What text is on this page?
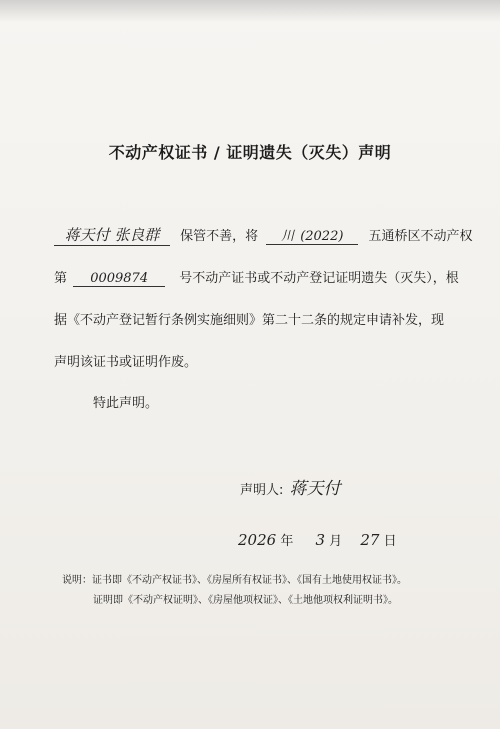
不动产权证书 / 证明遗失（灭失）声明
蒋天付 张良群 保管不善，将 川 (2022) 五通桥区不动产权
第 0009874 号不动产证书或不动产登记证明遗失（灭失），根
据《不动产登记暂行条例实施细则》第二十二条的规定申请补发，现
声明该证书或证明作废。
特此声明。
声明人: 蒋天付
2026 年 3 月 27 日
说明：证书即《不动产权证书》、《房屋所有权证书》、《国有土地使用权证书》。
证明即《不动产权证明》、《房屋他项权证》、《土地他项权利证明书》。
